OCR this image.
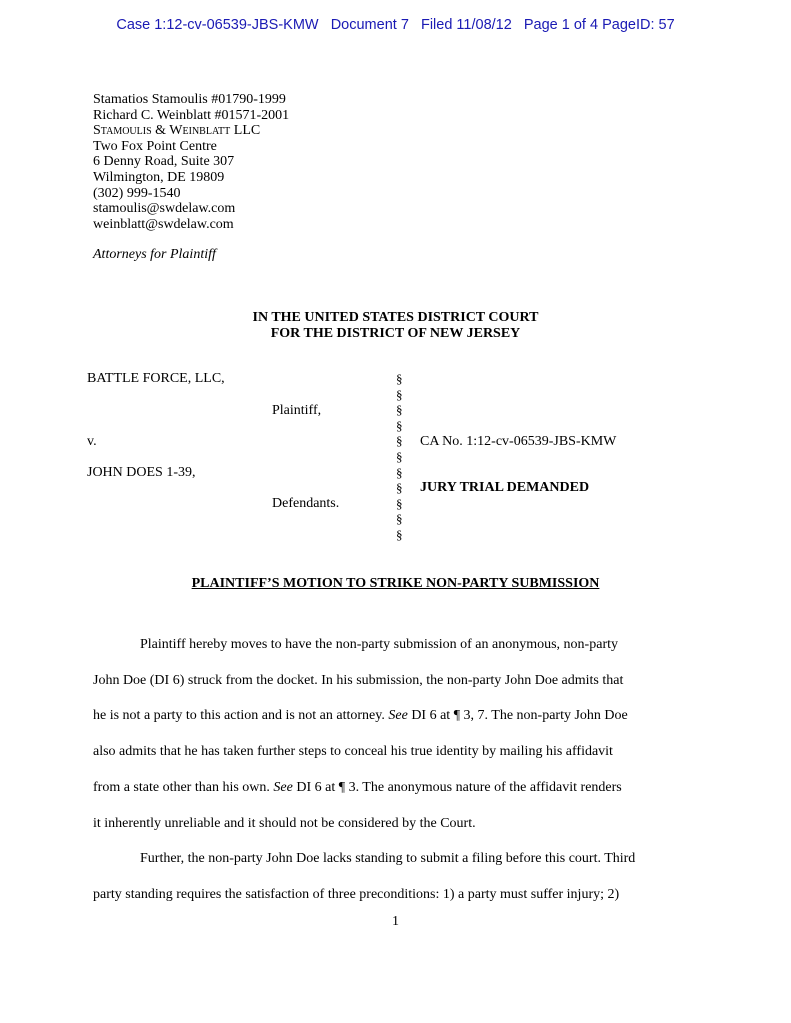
Case 1:12-cv-06539-JBS-KMW   Document 7   Filed 11/08/12   Page 1 of 4 PageID: 57
Stamatios Stamoulis #01790-1999
Richard C. Weinblatt #01571-2001
Stamoulis & Weinblatt LLC
Two Fox Point Centre
6 Denny Road, Suite 307
Wilmington, DE 19809
(302) 999-1540
stamoulis@swdelaw.com
weinblatt@swdelaw.com
Attorneys for Plaintiff
IN THE UNITED STATES DISTRICT COURT
FOR THE DISTRICT OF NEW JERSEY
BATTLE FORCE, LLC,
Plaintiff,
v.
JOHN DOES 1-39,
Defendants.
CA No. 1:12-cv-06539-JBS-KMW
JURY TRIAL DEMANDED
§
§
§
§
§
§
§
§
§
§
§
PLAINTIFF’S MOTION TO STRIKE NON-PARTY SUBMISSION
Plaintiff hereby moves to have the non-party submission of an anonymous, non-party
John Doe (DI 6) struck from the docket. In his submission, the non-party John Doe admits that
he is not a party to this action and is not an attorney. See DI 6 at ¶ 3, 7. The non-party John Doe
also admits that he has taken further steps to conceal his true identity by mailing his affidavit
from a state other than his own. See DI 6 at ¶ 3. The anonymous nature of the affidavit renders
it inherently unreliable and it should not be considered by the Court.
Further, the non-party John Doe lacks standing to submit a filing before this court. Third
party standing requires the satisfaction of three preconditions: 1) a party must suffer injury; 2)
1
